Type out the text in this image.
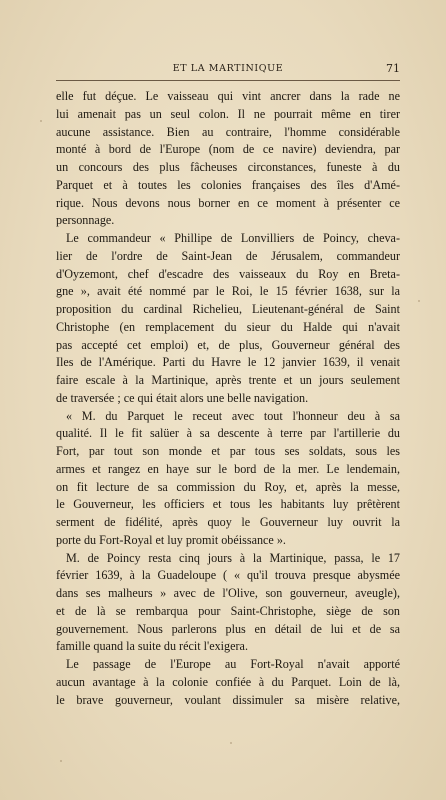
ET LA MARTINIQUE	71
elle fut déçue. Le vaisseau qui vint ancrer dans la rade ne
lui amenait pas un seul colon. Il ne pourrait même en tirer
aucune assistance. Bien au contraire, l'homme considérable
monté à bord de l'Europe (nom de ce navire) deviendra, par
un concours des plus fâcheuses circonstances, funeste à du
Parquet et à toutes les colonies françaises des îles d'Amé-
rique. Nous devons nous borner en ce moment à présenter ce
personnage.
Le commandeur « Phillipe de Lonvilliers de Poincy, cheva-
lier de l'ordre de Saint-Jean de Jérusalem, commandeur
d'Oyzemont, chef d'escadre des vaisseaux du Roy en Breta-
gne », avait été nommé par le Roi, le 15 février 1638, sur la
proposition du cardinal Richelieu, Lieutenant-général de Saint
Christophe (en remplacement du sieur du Halde qui n'avait
pas accepté cet emploi) et, de plus, Gouverneur général des
Iles de l'Amérique. Parti du Havre le 12 janvier 1639, il venait
faire escale à la Martinique, après trente et un jours seulement
de traversée ; ce qui était alors une belle navigation.
« M. du Parquet le receut avec tout l'honneur deu à sa
qualité. Il le fit salüer à sa descente à terre par l'artillerie du
Fort, par tout son monde et par tous ses soldats, sous les
armes et rangez en haye sur le bord de la mer. Le lendemain,
on fit lecture de sa commission du Roy, et, après la messe,
le Gouverneur, les officiers et tous les habitants luy prêtèrent
serment de fidélité, après quoy le Gouverneur luy ouvrit la
porte du Fort-Royal et luy promit obéissance ».
M. de Poincy resta cinq jours à la Martinique, passa, le 17
février 1639, à la Guadeloupe ( « qu'il trouva presque abysmée
dans ses malheurs » avec de l'Olive, son gouverneur, aveugle),
et de là se rembarqua pour Saint-Christophe, siège de son
gouvernement. Nous parlerons plus en détail de lui et de sa
famille quand la suite du récit l'exigera.
Le passage de l'Europe au Fort-Royal n'avait apporté
aucun avantage à la colonie confiée à du Parquet. Loin de là,
le brave gouverneur, voulant dissimuler sa misère relative,
